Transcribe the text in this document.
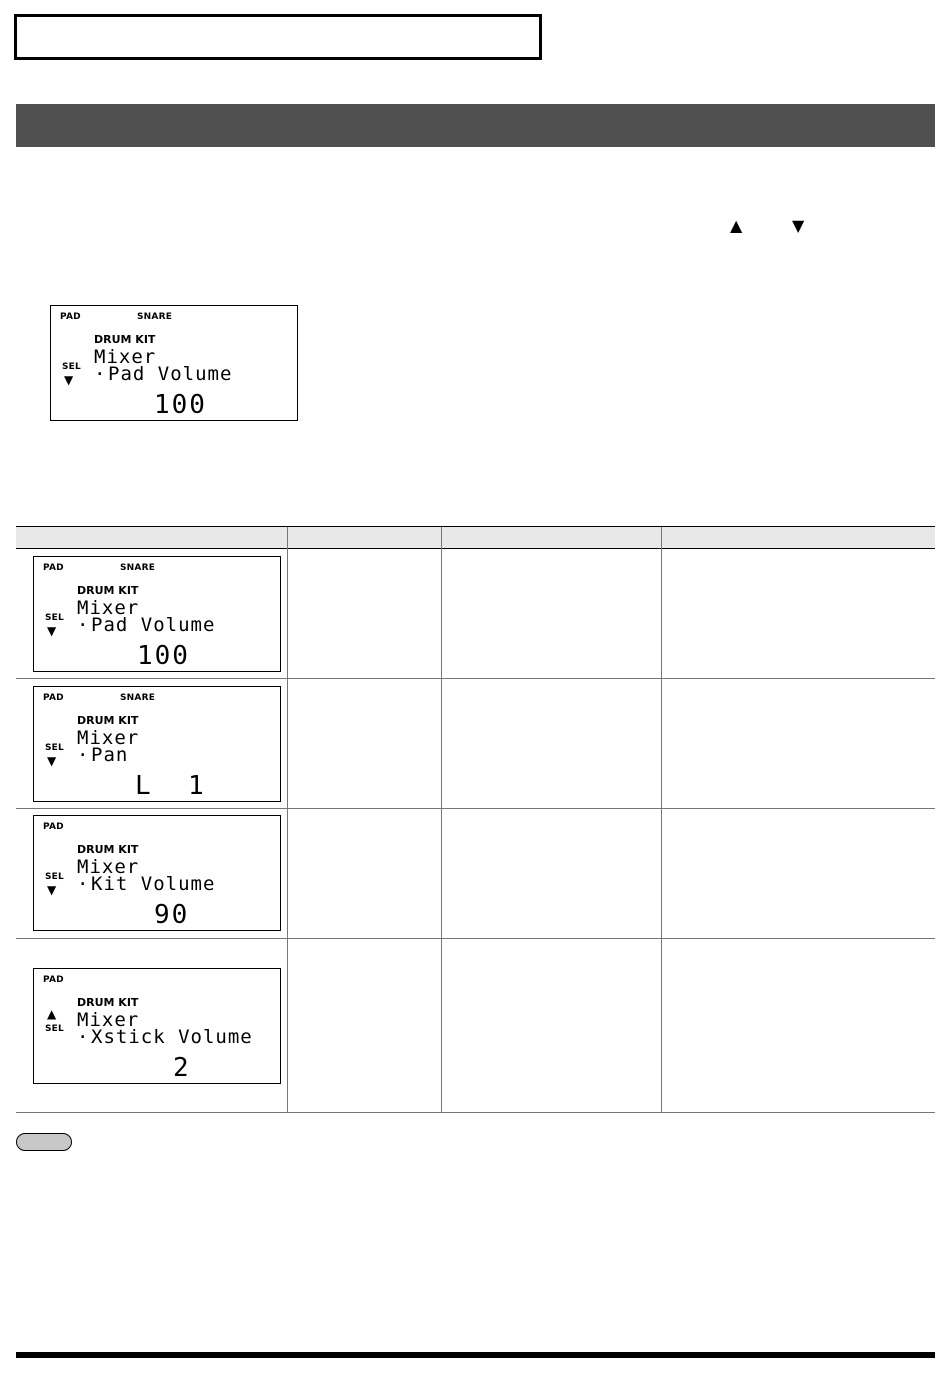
▲	▼
PAD	SNARE
DRUM KIT
SEL
▼
Mixer
· Pad Volume
100
PAD	SNARE
DRUM KIT
SEL
▼
Mixer
· Pad Volume
100
PAD	SNARE
DRUM KIT
SEL
▼
Mixer
· Pan
L  1
PAD
DRUM KIT
SEL
▼
Mixer
· Kit Volume
90
PAD
DRUM KIT
▲
SEL Mixer
· Xstick Volume
2
